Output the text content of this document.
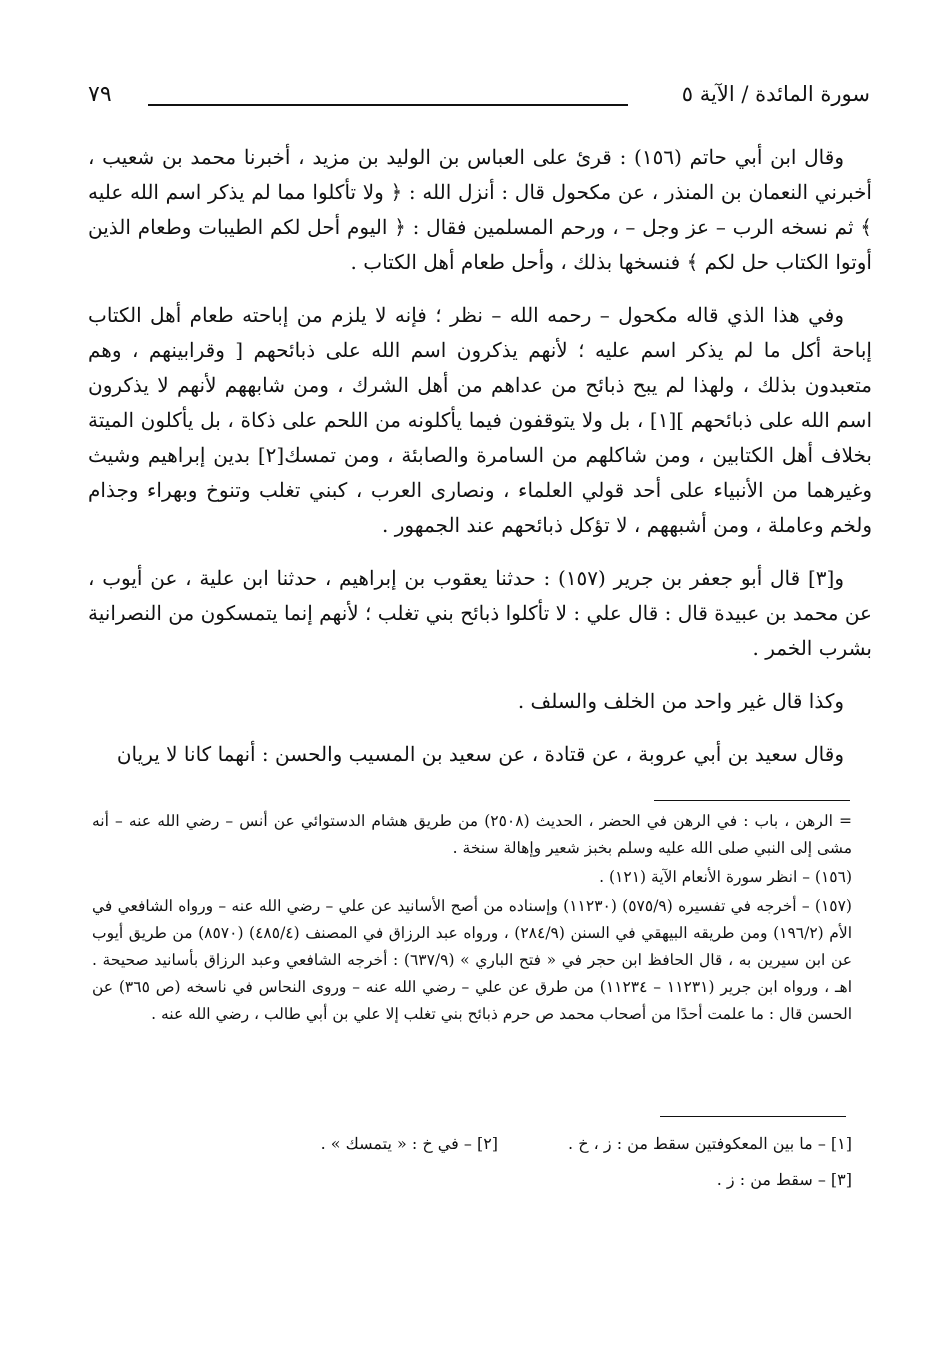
٧٩	سورة المائدة / الآية ٥

وقال ابن أبي حاتم (١٥٦) : قرئ على العباس بن الوليد بن مزيد ، أخبرنا محمد بن شعيب ، أخبرني النعمان بن المنذر ، عن مكحول قال : أنزل الله : ﴿ ولا تأكلوا مما لم يذكر اسم الله عليه ﴾ ثم نسخه الرب – عز وجل – ، ورحم المسلمين فقال : ﴿ اليوم أحل لكم الطيبات وطعام الذين أوتوا الكتاب حل لكم ﴾ فنسخها بذلك ، وأحل طعام أهل الكتاب .

وفي هذا الذي قاله مكحول – رحمه الله – نظر ؛ فإنه لا يلزم من إباحته طعام أهل الكتاب إباحة أكل ما لم يذكر اسم عليه ؛ لأنهم يذكرون اسم الله على ذبائحهم [ وقرابينهم ، وهم متعبدون بذلك ، ولهذا لم يبح ذبائح من عداهم من أهل الشرك ، ومن شابههم لأنهم لا يذكرون اسم الله على ذبائحهم ][١] ، بل ولا يتوقفون فيما يأكلونه من اللحم على ذكاة ، بل يأكلون الميتة بخلاف أهل الكتابين ، ومن شاكلهم من السامرة والصابئة ، ومن تمسك[٢] بدين إبراهيم وشيث وغيرهما من الأنبياء على أحد قولي العلماء ، ونصارى العرب ، كبني تغلب وتنوخ وبهراء وجذام ولخم وعاملة ، ومن أشبههم ، لا تؤكل ذبائحهم عند الجمهور .

و[٣] قال أبو جعفر بن جرير (١٥٧) : حدثنا يعقوب بن إبراهيم ، حدثنا ابن علية ، عن أيوب ، عن محمد بن عبيدة قال : قال علي : لا تأكلوا ذبائح بني تغلب ؛ لأنهم إنما يتمسكون من النصرانية بشرب الخمر .

وكذا قال غير واحد من الخلف والسلف .

وقال سعيد بن أبي عروبة ، عن قتادة ، عن سعيد بن المسيب والحسن : أنهما كانا لا يريان

= الرهن ، باب : في الرهن في الحضر ، الحديث (٢٥٠٨) من طريق هشام الدستوائي عن أنس – رضي الله عنه – أنه مشى إلى النبي صلى الله عليه وسلم بخبز شعير وإهالة سنخة .

(١٥٦) – انظر سورة الأنعام الآية (١٢١) .

(١٥٧) – أخرجه في تفسيره (٥٧٥/٩) (١١٢٣٠) وإسناده من أصح الأسانيد عن علي – رضي الله عنه – ورواه الشافعي في الأم (١٩٦/٢) ومن طريقه البيهقي في السنن (٢٨٤/٩) ، ورواه عبد الرزاق في المصنف (٤٨٥/٤) (٨٥٧٠) من طريق أيوب عن ابن سيرين به ، قال الحافظ ابن حجر في « فتح الباري » (٦٣٧/٩) : أخرجه الشافعي وعبد الرزاق بأسانيد صحيحة . اهـ ، ورواه ابن جرير (١١٢٣١ – ١١٢٣٤) من طرق عن علي – رضي الله عنه – وروى النحاس في ناسخه (ص ٣٦٥) عن الحسن قال : ما علمت أحدًا من أصحاب محمد ص حرم ذبائح بني تغلب إلا علي بن أبي طالب ، رضي الله عنه .

[١] – ما بين المعكوفتين سقط من : ز ، خ .
[٢] – في خ : « يتمسك » .
[٣] – سقط من : ز .
